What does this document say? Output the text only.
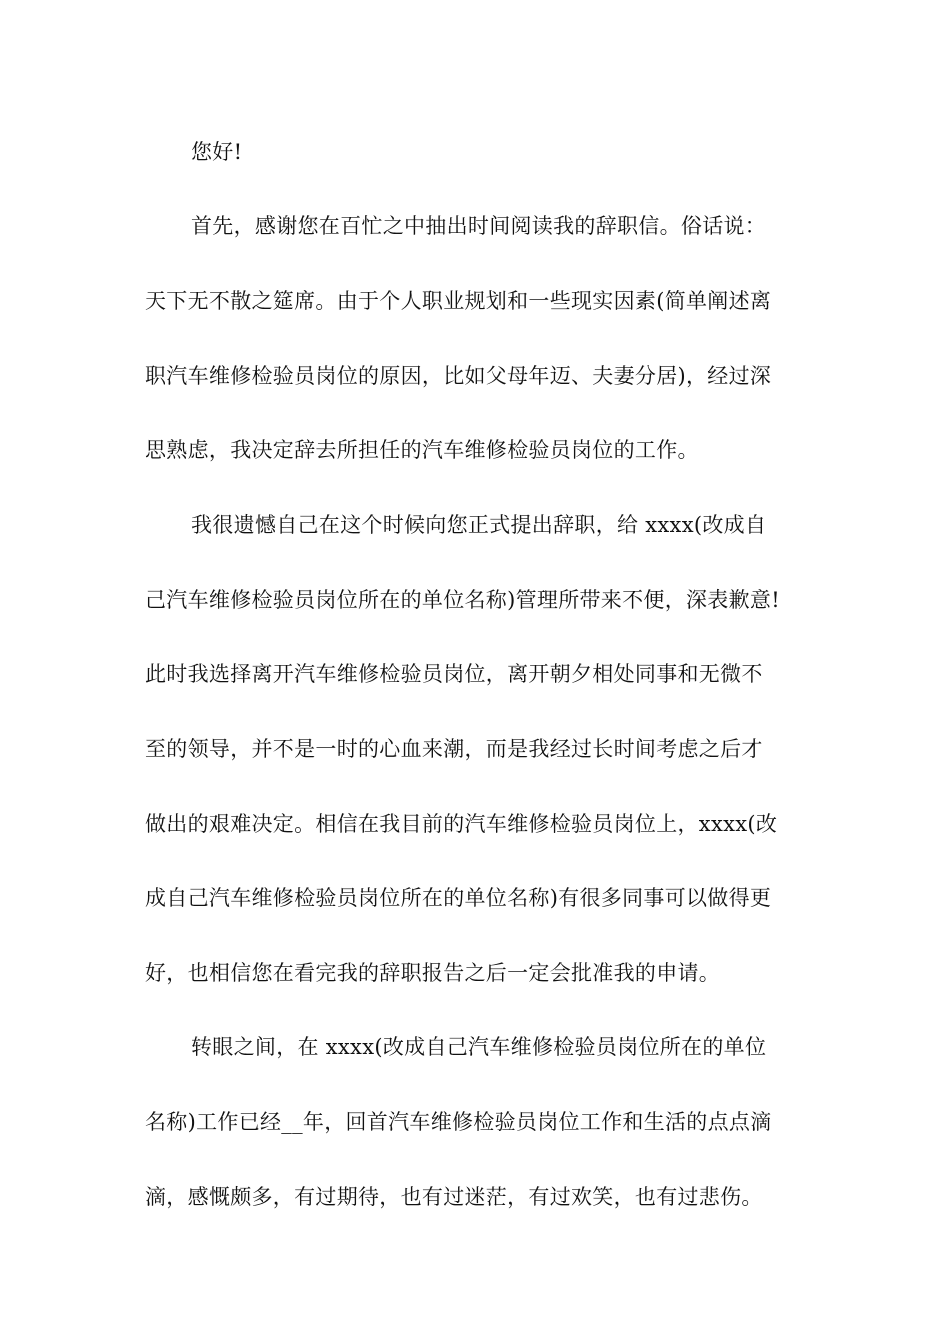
您好!

首先，感谢您在百忙之中抽出时间阅读我的辞职信。俗话说：

天下无不散之筵席。由于个人职业规划和一些现实因素(简单阐述离

职汽车维修检验员岗位的原因，比如父母年迈、夫妻分居)，经过深

思熟虑，我决定辞去所担任的汽车维修检验员岗位的工作。

我很遗憾自己在这个时候向您正式提出辞职，给 xxxx(改成自

己汽车维修检验员岗位所在的单位名称)管理所带来不便，深表歉意!

此时我选择离开汽车维修检验员岗位，离开朝夕相处同事和无微不

至的领导，并不是一时的心血来潮，而是我经过长时间考虑之后才

做出的艰难决定。相信在我目前的汽车维修检验员岗位上，xxxx(改

成自己汽车维修检验员岗位所在的单位名称)有很多同事可以做得更

好，也相信您在看完我的辞职报告之后一定会批准我的申请。

转眼之间，在 xxxx(改成自己汽车维修检验员岗位所在的单位

名称)工作已经__年，回首汽车维修检验员岗位工作和生活的点点滴

滴，感慨颇多，有过期待，也有过迷茫，有过欢笑，也有过悲伤。
